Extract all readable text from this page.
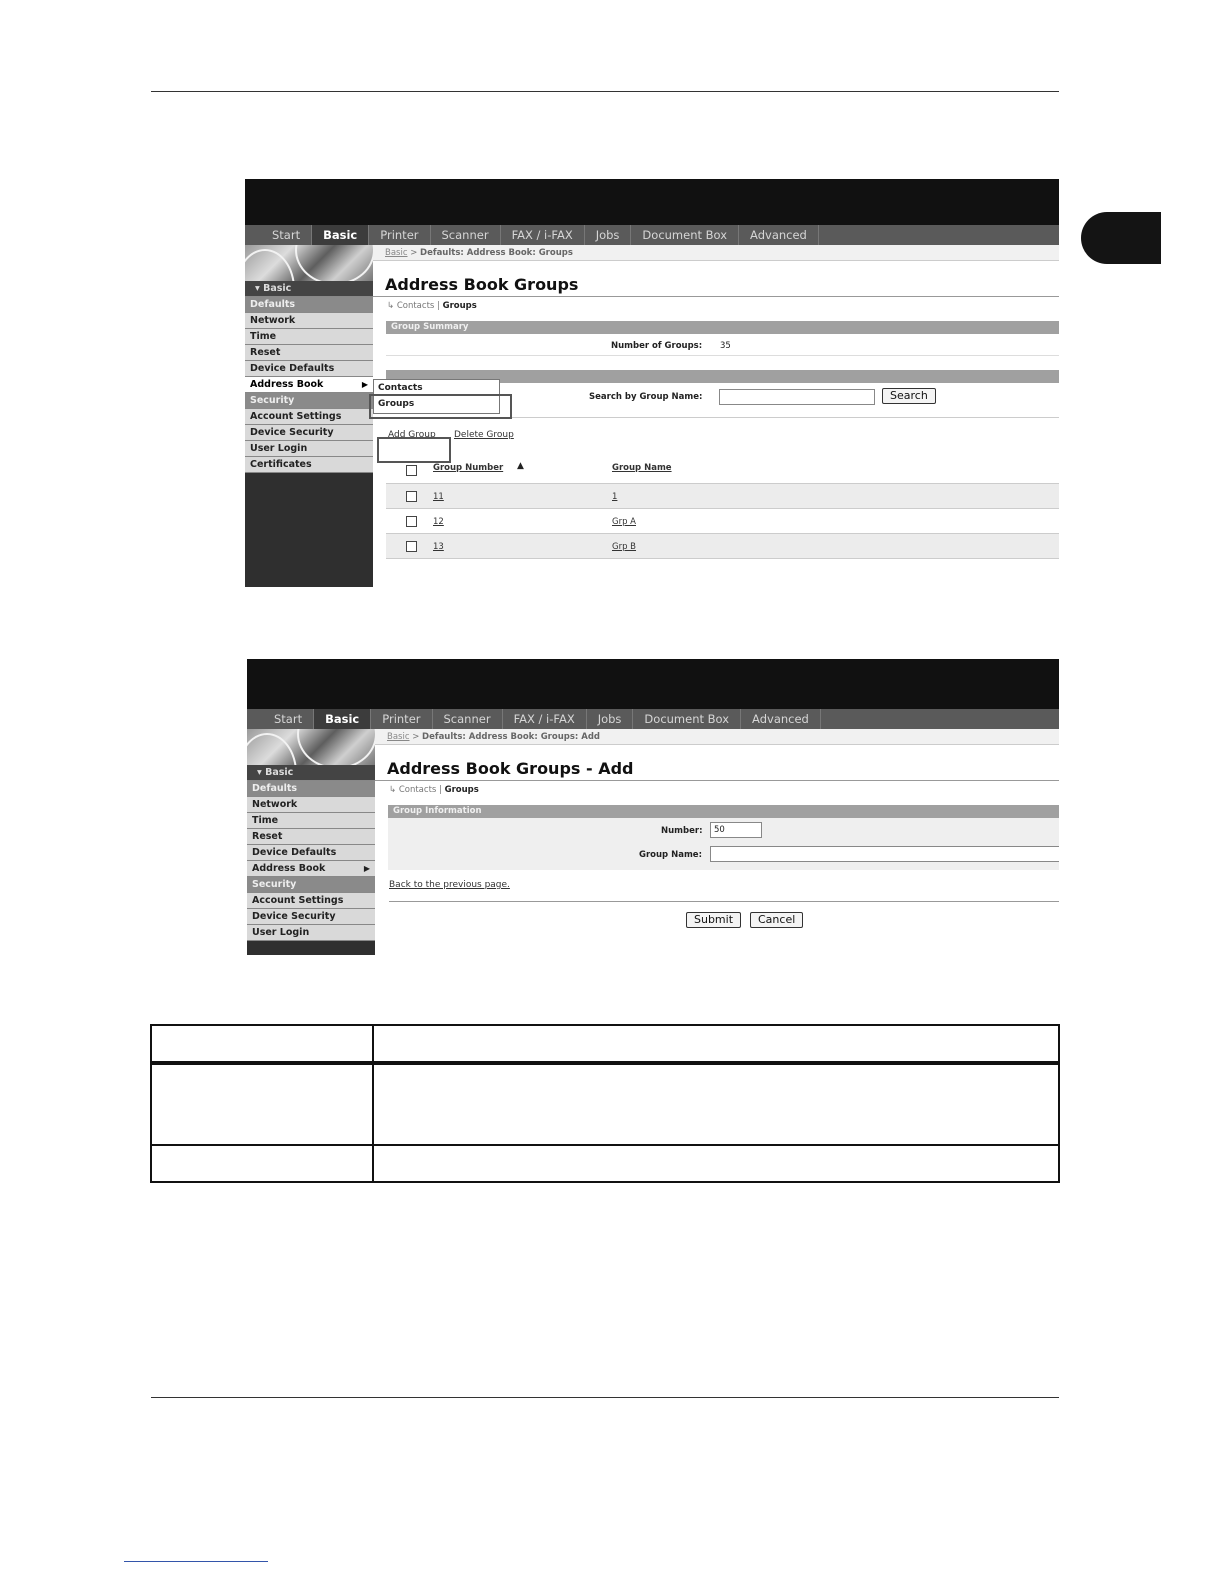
Start	Basic	Printer	Scanner	FAX / i-FAX	Jobs	Document Box	Advanced
▾ Basic
Defaults
Network
Time
Reset
Device Defaults
Address Book	▶
Security
Account Settings
Device Security
User Login
Certificates
Basic > Defaults: Address Book: Groups
Address Book Groups
↳ Contacts | Groups
Group Summary
Number of Groups: 35
Search by Group Name:	Search
Add Group Delete Group
Group Number ▲	Group Name
11	1
12	Grp A
13	Grp B
Contacts
Groups
Start	Basic	Printer	Scanner	FAX / i-FAX	Jobs	Document Box	Advanced
▾ Basic
Defaults
Network
Time
Reset
Device Defaults
Address Book	▶
Security
Account Settings
Device Security
User Login
Basic > Defaults: Address Book: Groups: Add
Address Book Groups - Add
↳ Contacts | Groups
Group Information
Number:	50
Group Name:
Back to the previous page.
Submit	Cancel
